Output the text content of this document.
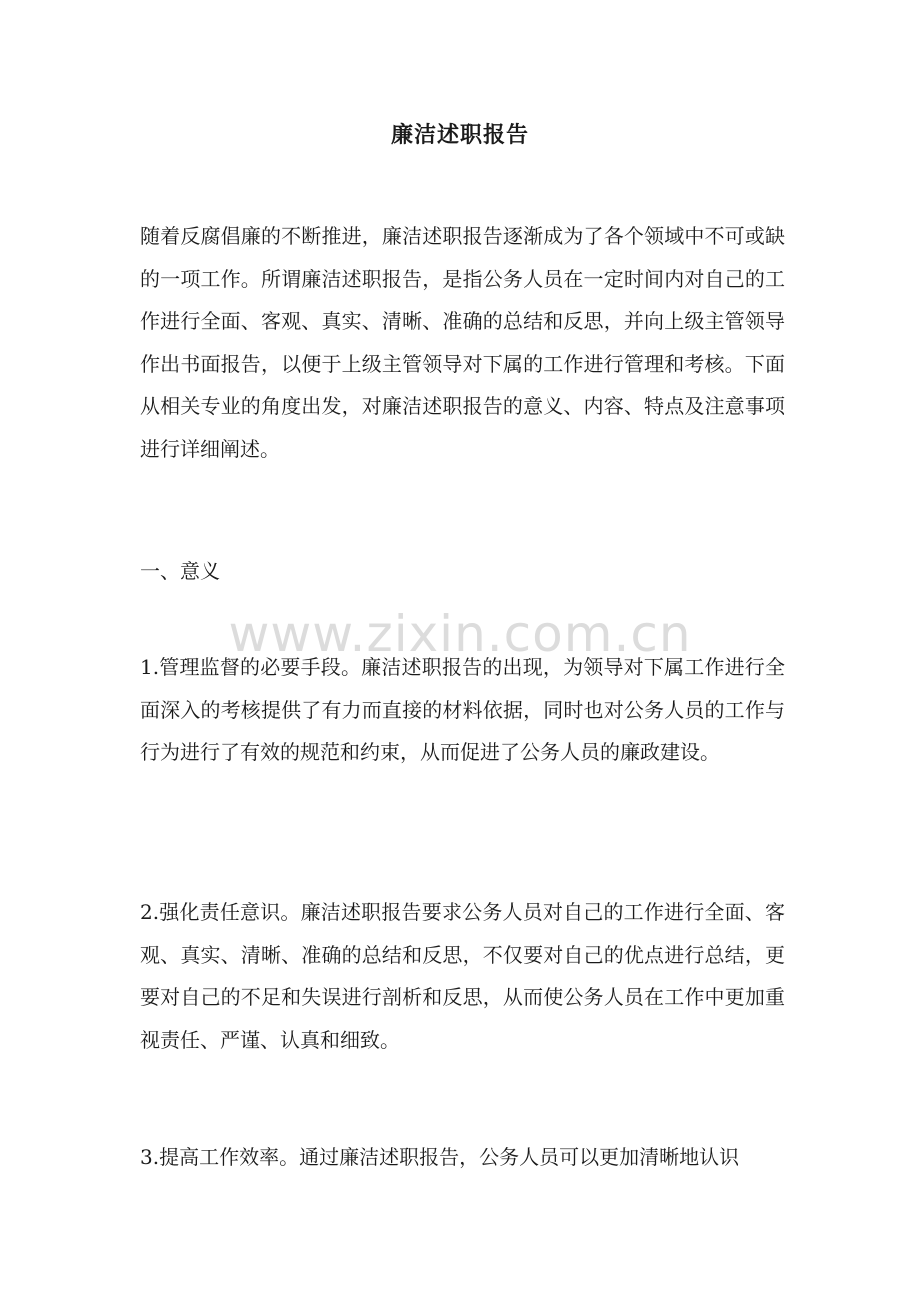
廉洁述职报告

随着反腐倡廉的不断推进，廉洁述职报告逐渐成为了各个领域中不可或缺的一项工作。所谓廉洁述职报告，是指公务人员在一定时间内对自己的工作进行全面、客观、真实、清晰、准确的总结和反思，并向上级主管领导作出书面报告，以便于上级主管领导对下属的工作进行管理和考核。下面从相关专业的角度出发，对廉洁述职报告的意义、内容、特点及注意事项进行详细阐述。

一、意义

www.zixin.com.cn

1.管理监督的必要手段。廉洁述职报告的出现，为领导对下属工作进行全面深入的考核提供了有力而直接的材料依据，同时也对公务人员的工作与行为进行了有效的规范和约束，从而促进了公务人员的廉政建设。

2.强化责任意识。廉洁述职报告要求公务人员对自己的工作进行全面、客观、真实、清晰、准确的总结和反思，不仅要对自己的优点进行总结，更要对自己的不足和失误进行剖析和反思，从而使公务人员在工作中更加重视责任、严谨、认真和细致。

3.提高工作效率。通过廉洁述职报告，公务人员可以更加清晰地认识
